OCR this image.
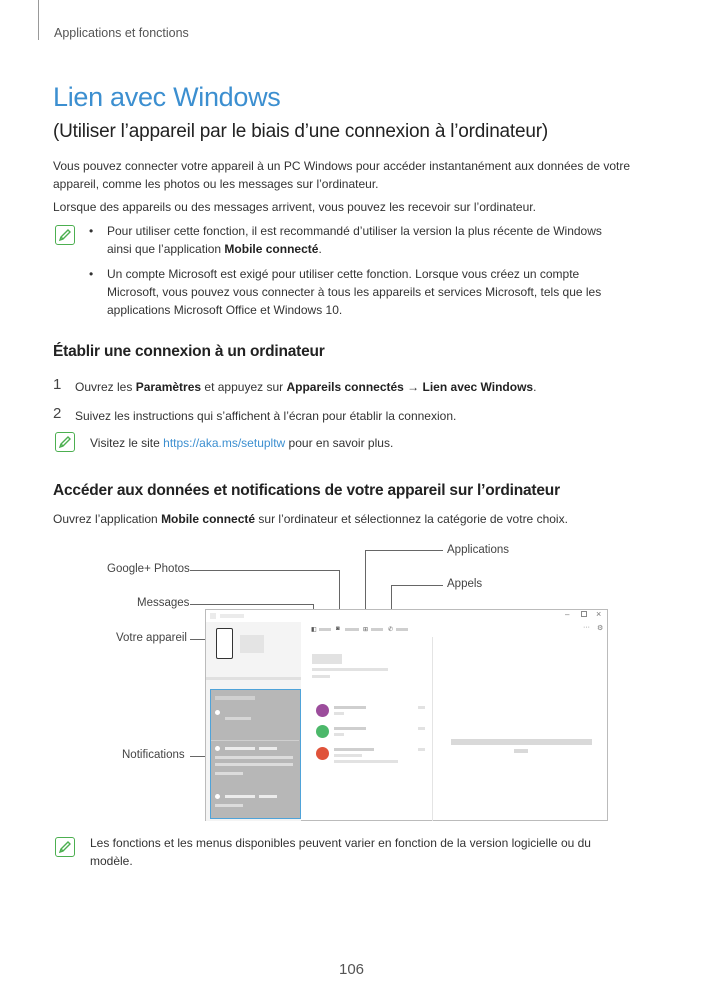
Applications et fonctions
Lien avec Windows
(Utiliser l’appareil par le biais d’une connexion à l’ordinateur)
Vous pouvez connecter votre appareil à un PC Windows pour accéder instantanément aux données de votre
appareil, comme les photos ou les messages sur l’ordinateur.
Lorsque des appareils ou des messages arrivent, vous pouvez les recevoir sur l’ordinateur.
• Pour utiliser cette fonction, il est recommandé d’utiliser la version la plus récente de Windows
ainsi que l’application Mobile connecté.
• Un compte Microsoft est exigé pour utiliser cette fonction. Lorsque vous créez un compte
Microsoft, vous pouvez vous connecter à tous les appareils et services Microsoft, tels que les
applications Microsoft Office et Windows 10.
Établir une connexion à un ordinateur
1 Ouvrez les Paramètres et appuyez sur Appareils connectés → Lien avec Windows.
2 Suivez les instructions qui s’affichent à l’écran pour établir la connexion.
Visitez le site https://aka.ms/setupltw pour en savoir plus.
Accéder aux données et notifications de votre appareil sur l’ordinateur
Ouvrez l’application Mobile connecté sur l’ordinateur et sélectionnez la catégorie de votre choix.
Applications
Google+ Photos
Appels
Messages
Votre appareil
Notifications
–	×
◧	◙	⊞	✆	··· ⚙
Les fonctions et les menus disponibles peuvent varier en fonction de la version logicielle ou du
modèle.
106
